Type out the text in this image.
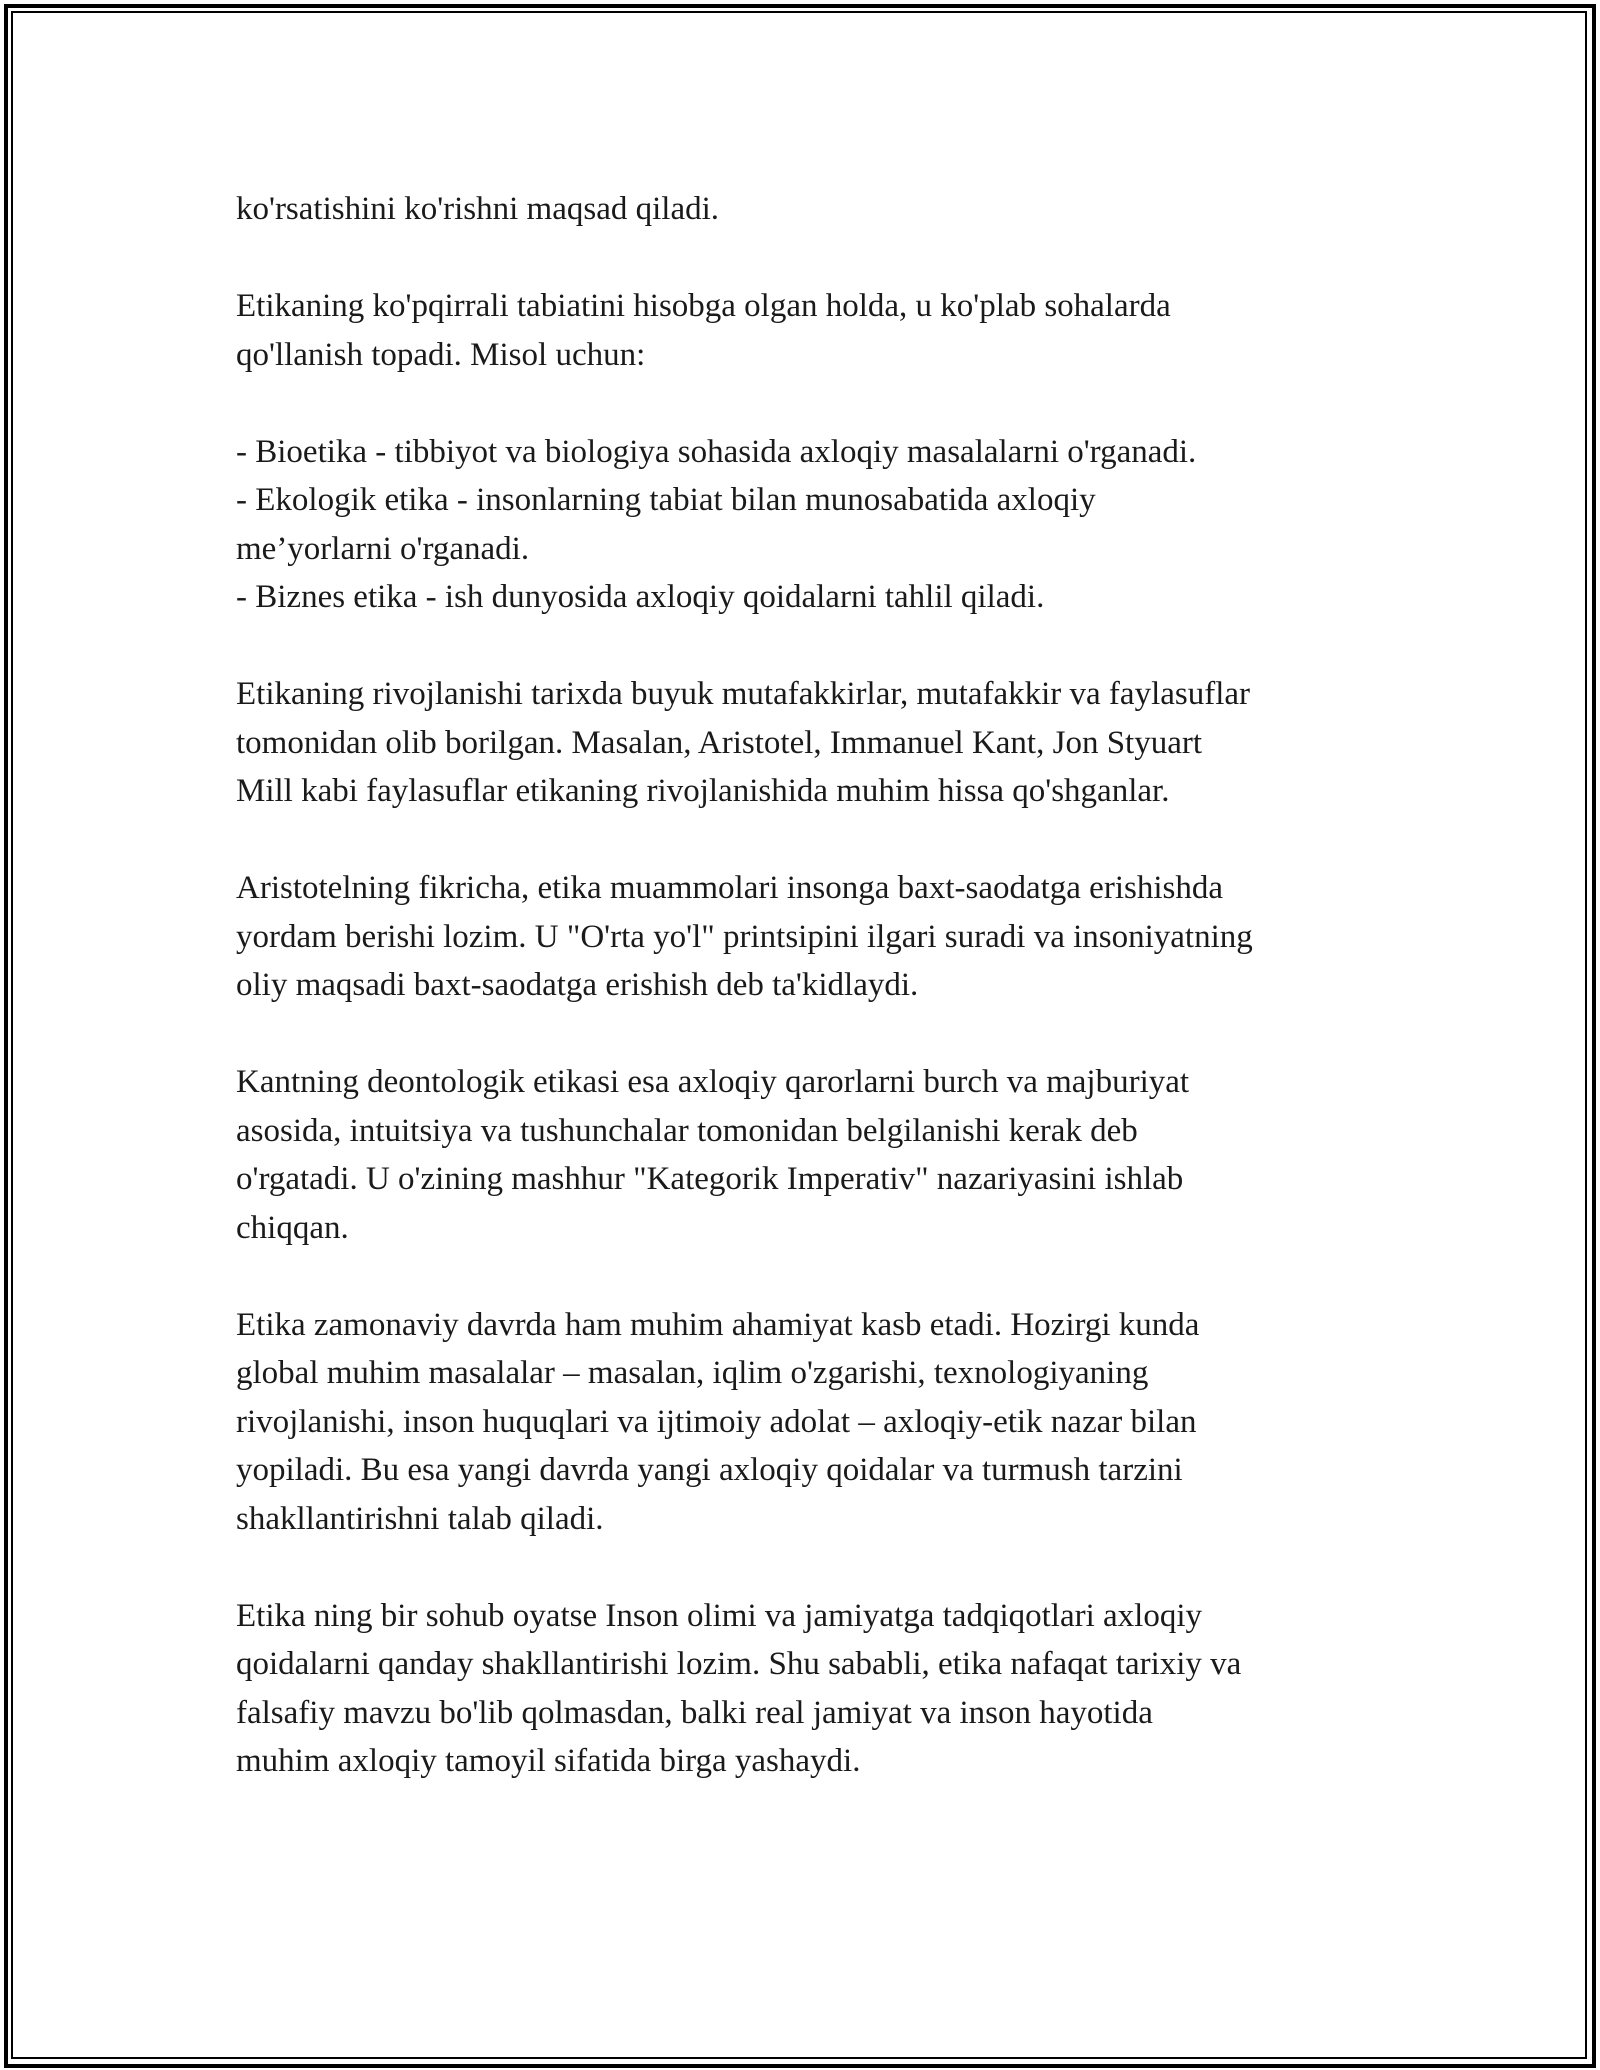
ko'rsatishini ko'rishni maqsad qiladi.
Etikaning ko'pqirrali tabiatini hisobga olgan holda, u ko'plab sohalarda
qo'llanish topadi. Misol uchun:
- Bioetika - tibbiyot va biologiya sohasida axloqiy masalalarni o'rganadi.
- Ekologik etika - insonlarning tabiat bilan munosabatida axloqiy
me’yorlarni o'rganadi.
- Biznes etika - ish dunyosida axloqiy qoidalarni tahlil qiladi.
Etikaning rivojlanishi tarixda buyuk mutafakkirlar, mutafakkir va faylasuflar
tomonidan olib borilgan. Masalan, Aristotel, Immanuel Kant, Jon Styuart
Mill kabi faylasuflar etikaning rivojlanishida muhim hissa qo'shganlar.
Aristotelning fikricha, etika muammolari insonga baxt-saodatga erishishda
yordam berishi lozim. U "O'rta yo'l" printsipini ilgari suradi va insoniyatning
oliy maqsadi baxt-saodatga erishish deb ta'kidlaydi.
Kantning deontologik etikasi esa axloqiy qarorlarni burch va majburiyat
asosida, intuitsiya va tushunchalar tomonidan belgilanishi kerak deb
o'rgatadi. U o'zining mashhur "Kategorik Imperativ" nazariyasini ishlab
chiqqan.
Etika zamonaviy davrda ham muhim ahamiyat kasb etadi. Hozirgi kunda
global muhim masalalar – masalan, iqlim o'zgarishi, texnologiyaning
rivojlanishi, inson huquqlari va ijtimoiy adolat – axloqiy-etik nazar bilan
yopiladi. Bu esa yangi davrda yangi axloqiy qoidalar va turmush tarzini
shakllantirishni talab qiladi.
Etika ning bir sohub oyatse Inson olimi va jamiyatga tadqiqotlari axloqiy
qoidalarni qanday shakllantirishi lozim. Shu sababli, etika nafaqat tarixiy va
falsafiy mavzu bo'lib qolmasdan, balki real jamiyat va inson hayotida
muhim axloqiy tamoyil sifatida birga yashaydi.
